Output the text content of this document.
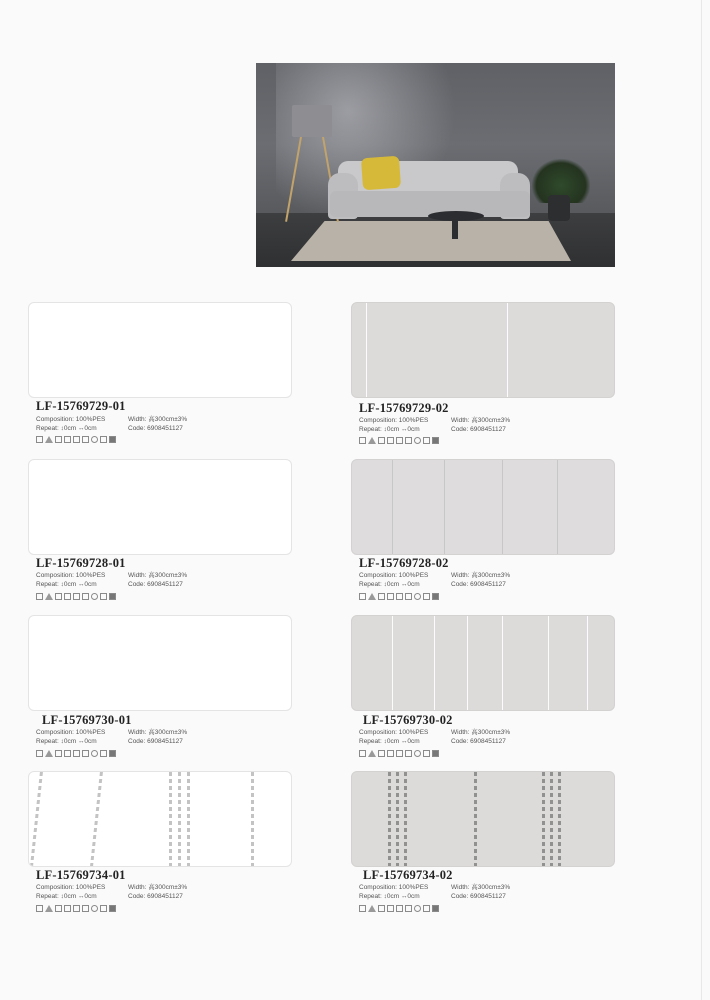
LF-15769729-01
Composition: 100%PES	Width: 高300cm±3%
Repeat: ↕0cm ↔0cm	Code: 6908451127
LF-15769729-02
Composition: 100%PES	Width: 高300cm±3%
Repeat: ↕0cm ↔0cm	Code: 6908451127
LF-15769728-01
Composition: 100%PES	Width: 高300cm±3%
Repeat: ↕0cm ↔0cm	Code: 6908451127
LF-15769728-02
Composition: 100%PES	Width: 高300cm±3%
Repeat: ↕0cm ↔0cm	Code: 6908451127
LF-15769730-01
Composition: 100%PES	Width: 高300cm±3%
Repeat: ↕0cm ↔0cm	Code: 6908451127
LF-15769730-02
Composition: 100%PES	Width: 高300cm±3%
Repeat: ↕0cm ↔0cm	Code: 6908451127
LF-15769734-01
Composition: 100%PES	Width: 高300cm±3%
Repeat: ↕0cm ↔0cm	Code: 6908451127
LF-15769734-02
Composition: 100%PES	Width: 高300cm±3%
Repeat: ↕0cm ↔0cm	Code: 6908451127
